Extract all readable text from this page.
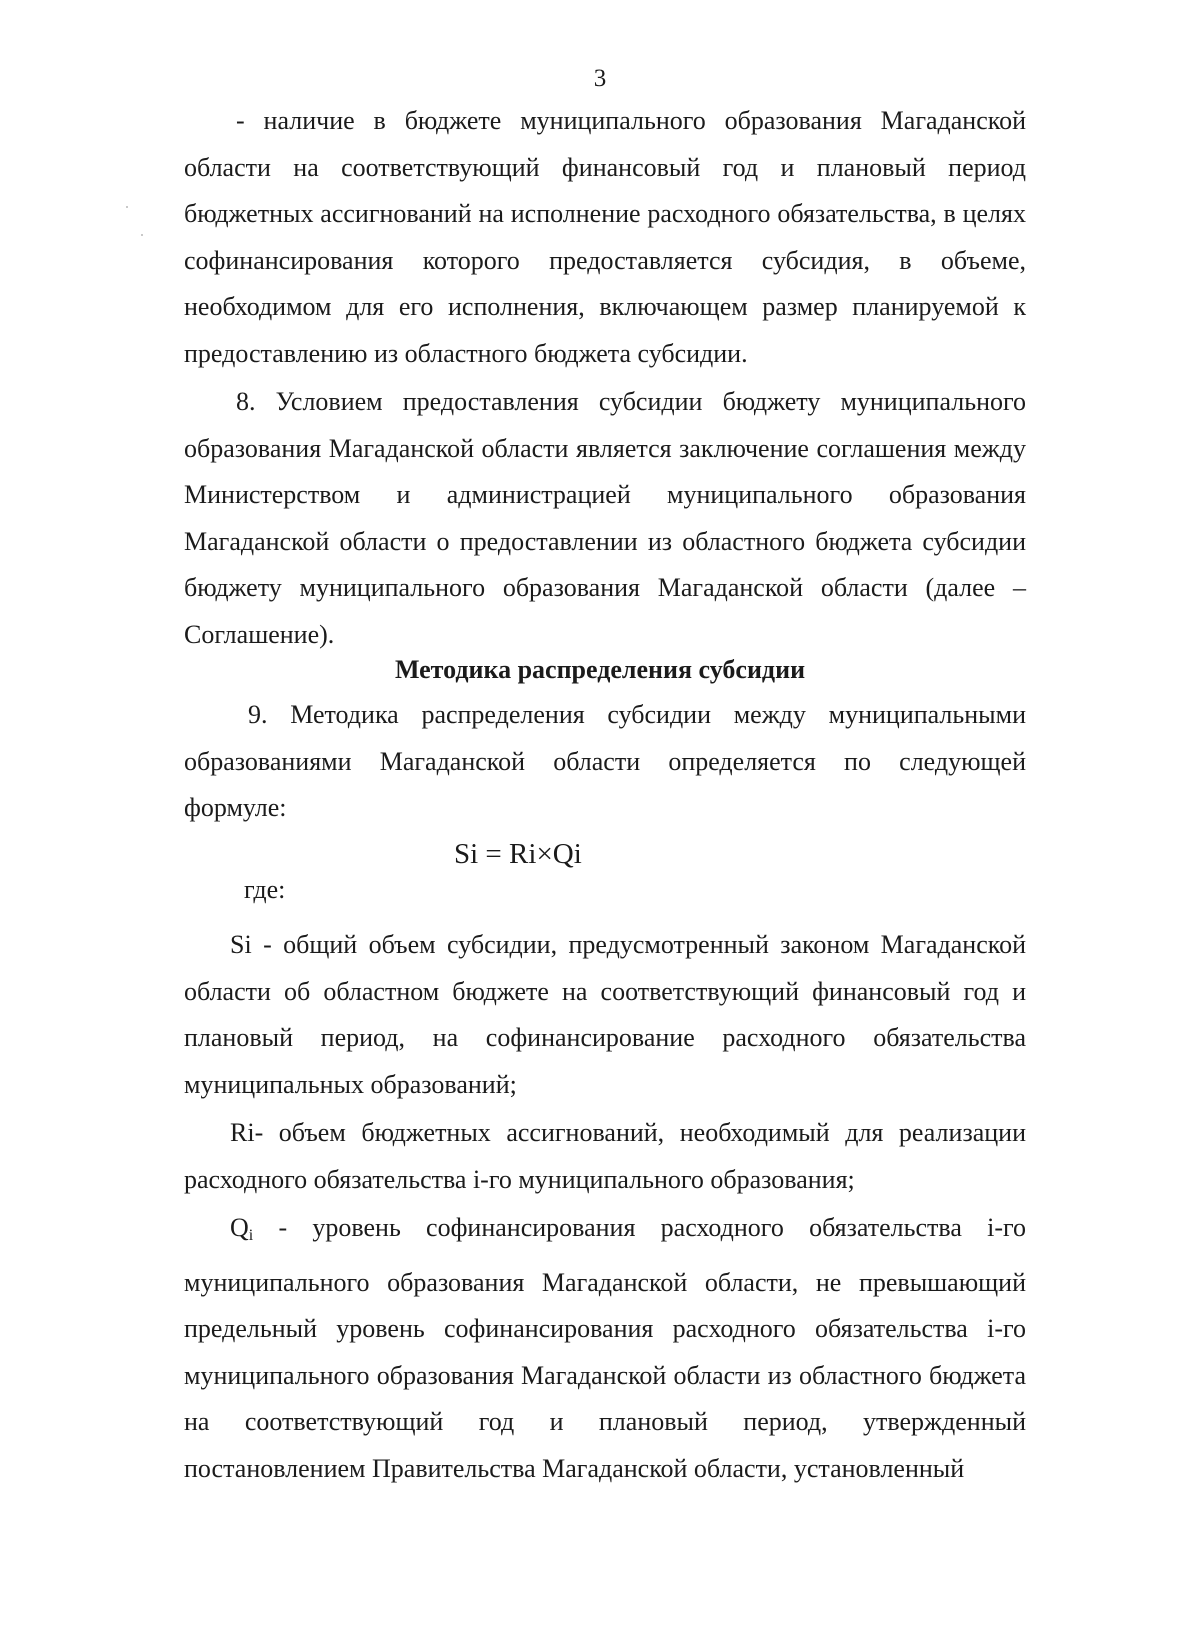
3

- наличие в бюджете муниципального образования Магаданской области на соответствующий финансовый год и плановый период бюджетных ассигнований на исполнение расходного обязательства, в целях софинансирования которого предоставляется субсидия, в объеме, необходимом для его исполнения, включающем размер планируемой к предоставлению из областного бюджета субсидии.

8. Условием предоставления субсидии бюджету муниципального образования Магаданской области является заключение соглашения между Министерством и администрацией муниципального образования Магаданской области о предоставлении из областного бюджета субсидии бюджету муниципального образования Магаданской области (далее – Соглашение).

Методика распределения субсидии

9. Методика распределения субсидии между муниципальными образованиями Магаданской области определяется по следующей формуле:

Si = Ri×Qi
где:

Si - общий объем субсидии, предусмотренный законом Магаданской области об областном бюджете на соответствующий финансовый год и плановый период, на софинансирование расходного обязательства муниципальных образований;

Ri- объем бюджетных ассигнований, необходимый для реализации расходного обязательства i-го муниципального образования;

$Q_i$ - уровень софинансирования расходного обязательства i-го муниципального образования Магаданской области, не превышающий предельный уровень софинансирования расходного обязательства i-го муниципального образования Магаданской области из областного бюджета на соответствующий год и плановый период, утвержденный постановлением Правительства Магаданской области, установленный
